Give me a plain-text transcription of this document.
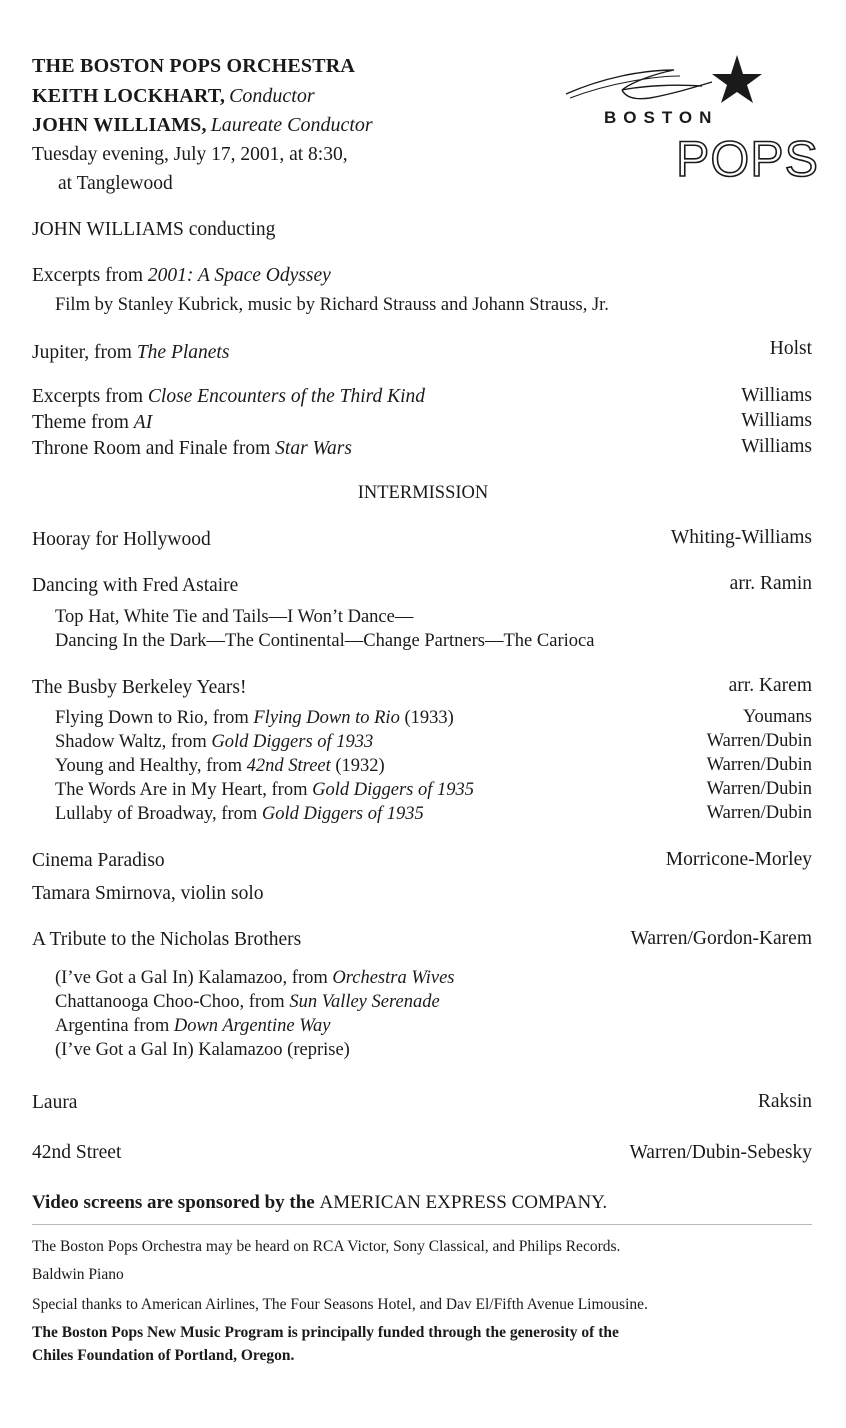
THE BOSTON POPS ORCHESTRA
KEITH LOCKHART, Conductor
JOHN WILLIAMS, Laureate Conductor
Tuesday evening, July 17, 2001, at 8:30,
at Tanglewood
BOSTON
POPS
JOHN WILLIAMS conducting
Excerpts from 2001: A Space Odyssey
Film by Stanley Kubrick, music by Richard Strauss and Johann Strauss, Jr.
Jupiter, from The Planets	Holst
Excerpts from Close Encounters of the Third Kind	Williams
Theme from AI	Williams
Throne Room and Finale from Star Wars	Williams
INTERMISSION
Hooray for Hollywood	Whiting-Williams
Dancing with Fred Astaire	arr. Ramin
Top Hat, White Tie and Tails—I Won’t Dance—
Dancing In the Dark—The Continental—Change Partners—The Carioca
The Busby Berkeley Years!	arr. Karem
Flying Down to Rio, from Flying Down to Rio (1933)	Youmans
Shadow Waltz, from Gold Diggers of 1933	Warren/Dubin
Young and Healthy, from 42nd Street (1932)	Warren/Dubin
The Words Are in My Heart, from Gold Diggers of 1935	Warren/Dubin
Lullaby of Broadway, from Gold Diggers of 1935	Warren/Dubin
Cinema Paradiso	Morricone-Morley
Tamara Smirnova, violin solo
A Tribute to the Nicholas Brothers	Warren/Gordon-Karem
(I’ve Got a Gal In) Kalamazoo, from Orchestra Wives
Chattanooga Choo-Choo, from Sun Valley Serenade
Argentina from Down Argentine Way
(I’ve Got a Gal In) Kalamazoo (reprise)
Laura	Raksin
42nd Street	Warren/Dubin-Sebesky
Video screens are sponsored by the AMERICAN EXPRESS COMPANY.
The Boston Pops Orchestra may be heard on RCA Victor, Sony Classical, and Philips Records.
Baldwin Piano
Special thanks to American Airlines, The Four Seasons Hotel, and Dav El/Fifth Avenue Limousine.
The Boston Pops New Music Program is principally funded through the generosity of the
Chiles Foundation of Portland, Oregon.
